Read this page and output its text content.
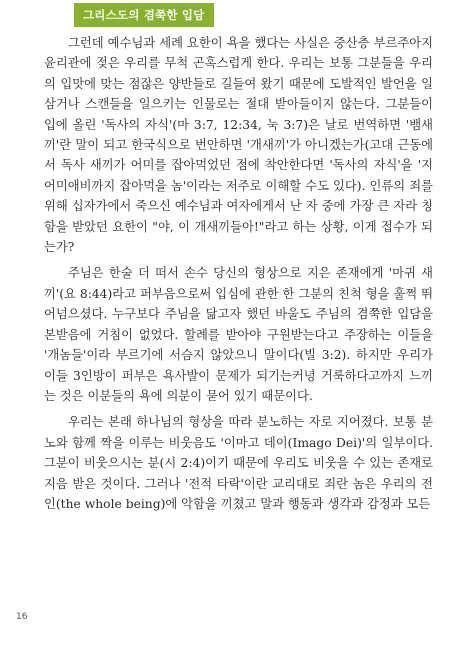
그리스도의 겸쭉한 입담

그런데 예수님과 세례 요한이 욕을 했다는 사실은 중산층 부르주아지 윤리관에 젖은 우리를 무척 곤혹스럽게 한다. 우리는 보통 그분들을 우리의 입맛에 맞는 점잖은 양반들로 길들여 왔기 때문에 도발적인 발언을 일삼거나 스캔들을 일으키는 인물로는 절대 받아들이지 않는다. 그분들이 입에 올린 '독사의 자식'(마 3:7, 12:34, 눅 3:7)은 날로 번역하면 '뱀새끼'란 말이 되고 한국식으로 번안하면 '개새끼'가 아니겠는가(고대 근동에서 독사 새끼가 어미를 잡아먹었던 점에 착안한다면 '독사의 자식'을 '지 어미애비까지 잡아먹을 놈'이라는 저주로 이해할 수도 있다). 인류의 죄를 위해 십자가에서 죽으신 예수님과 여자에게서 난 자 중에 가장 큰 자라 칭함을 받았던 요한이 "야, 이 개새끼들아!"라고 하는 상황, 이게 접수가 되는가?

주님은 한술 더 떠서 손수 당신의 형상으로 지은 존재에게 '마귀 새끼'(요 8:44)라고 퍼부음으로써 입심에 관한 한 그분의 친척 형을 훌쩍 뛰어넘으셨다. 누구보다 주님을 닮고자 했던 바울도 주님의 겸쭉한 입담을 본받음에 거침이 없었다. 할례를 받아야 구원받는다고 주장하는 이들을 '개놈들'이라 부르기에 서슴지 않았으니 말이다(빌 3:2). 하지만 우리가 이들 3인방이 퍼부은 욕사발이 문제가 되기는커녕 거룩하다고까지 느끼는 것은 이분들의 욕에 의분이 묻어 있기 때문이다.

우리는 본래 하나님의 형상을 따라 분노하는 자로 지어졌다. 보통 분노와 함께 짝을 이루는 비웃음도 '이마고 데이(Imago Dei)'의 일부이다. 그분이 비웃으시는 분(시 2:4)이기 때문에 우리도 비웃을 수 있는 존재로 지음 받은 것이다. 그러나 '전적 타락'이란 교리대로 죄란 놈은 우리의 전인(the whole being)에 악함을 끼쳤고 말과 행동과 생각과 감정과 모든

16
